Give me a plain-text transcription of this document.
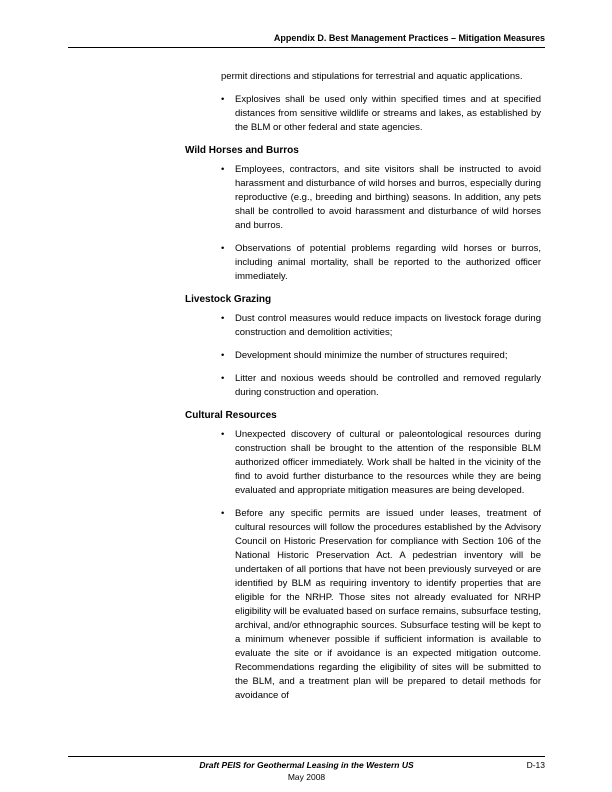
Appendix D. Best Management Practices – Mitigation Measures

permit directions and stipulations for terrestrial and aquatic applications.

• Explosives shall be used only within specified times and at specified distances from sensitive wildlife or streams and lakes, as established by the BLM or other federal and state agencies.
Wild Horses and Burros
• Employees, contractors, and site visitors shall be instructed to avoid harassment and disturbance of wild horses and burros, especially during reproductive (e.g., breeding and birthing) seasons. In addition, any pets shall be controlled to avoid harassment and disturbance of wild horses and burros.
• Observations of potential problems regarding wild horses or burros, including animal mortality, shall be reported to the authorized officer immediately.
Livestock Grazing
• Dust control measures would reduce impacts on livestock forage during construction and demolition activities;
• Development should minimize the number of structures required;
• Litter and noxious weeds should be controlled and removed regularly during construction and operation.
Cultural Resources
• Unexpected discovery of cultural or paleontological resources during construction shall be brought to the attention of the responsible BLM authorized officer immediately. Work shall be halted in the vicinity of the find to avoid further disturbance to the resources while they are being evaluated and appropriate mitigation measures are being developed.
• Before any specific permits are issued under leases, treatment of cultural resources will follow the procedures established by the Advisory Council on Historic Preservation for compliance with Section 106 of the National Historic Preservation Act. A pedestrian inventory will be undertaken of all portions that have not been previously surveyed or are identified by BLM as requiring inventory to identify properties that are eligible for the NRHP. Those sites not already evaluated for NRHP eligibility will be evaluated based on surface remains, subsurface testing, archival, and/or ethnographic sources. Subsurface testing will be kept to a minimum whenever possible if sufficient information is available to evaluate the site or if avoidance is an expected mitigation outcome. Recommendations regarding the eligibility of sites will be submitted to the BLM, and a treatment plan will be prepared to detail methods for avoidance of
Draft PEIS for Geothermal Leasing in the Western US	D-13
May 2008
